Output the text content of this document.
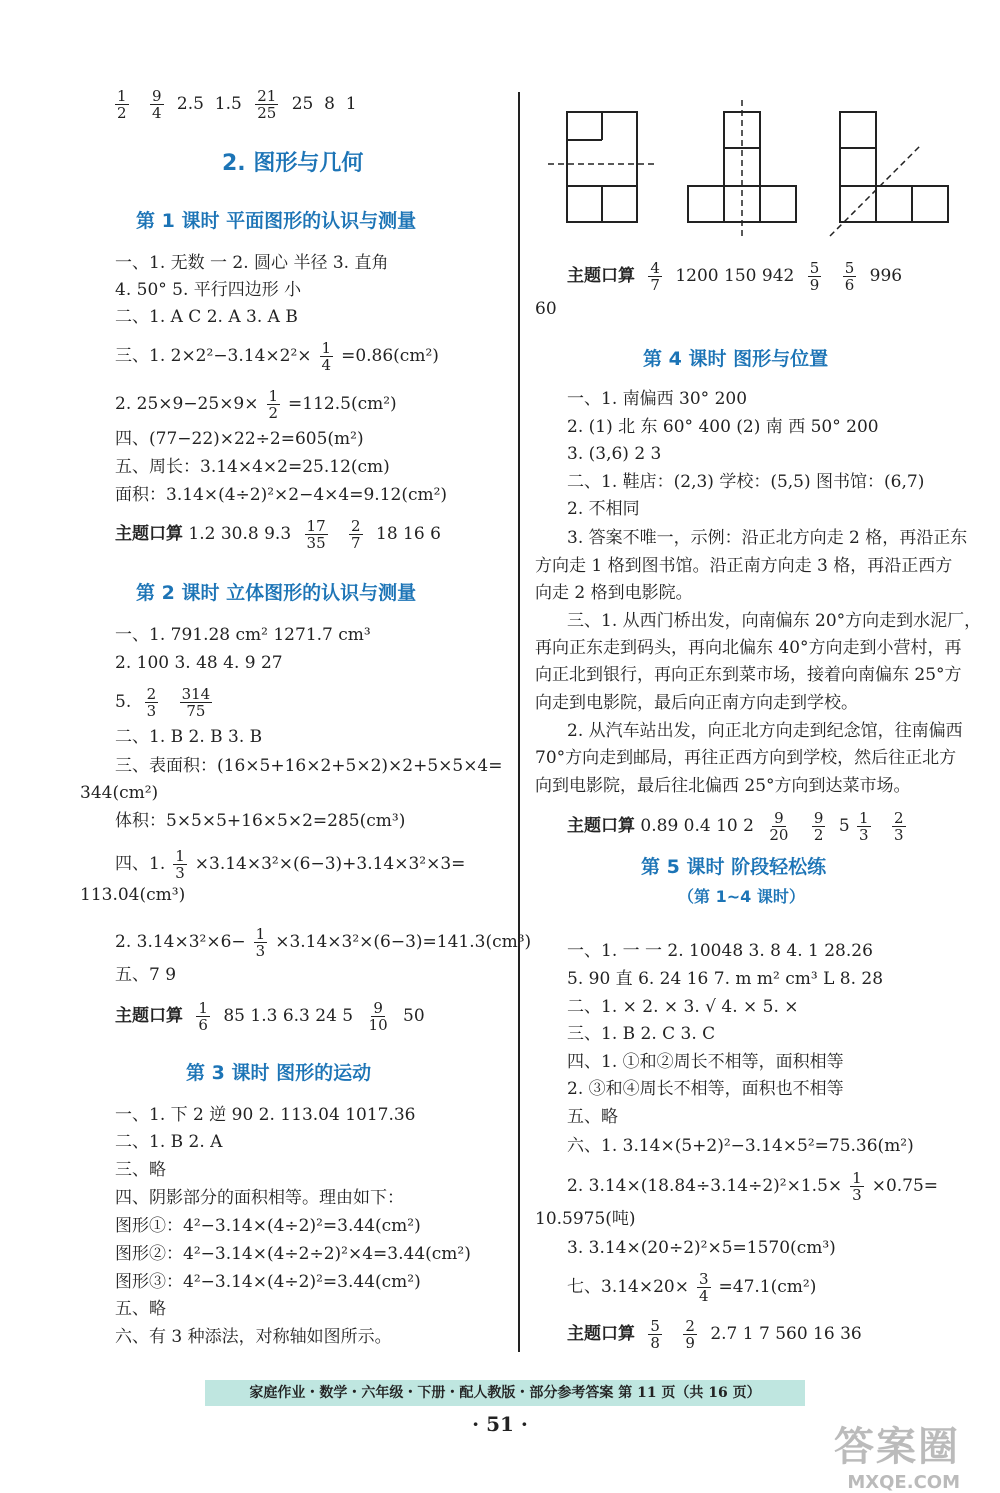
$\frac{1}{2}$
$\frac{9}{4} 2.5$  $1.5 \frac{21}{25} 25$  8  1
2. 图形与几何
第 1 课时 平面图形的认识与测量
一、1. 无数 一 2. 圆心 半径 3. 直角
4. 50° 5. 平行四边形 小
二、1. A C 2. A 3. A B
三、1. $2\times 2^2-3.14\times 2^2\times \frac{1}{4} =0.86(cm^2)$
2. $25\times 9-25\times 9\times \frac{1}{2} =112.5(cm^2)$
四、(77−22)×22÷2=605(m²)
五、周长：3.14×4×2=25.12(cm)
面积：3.14×(4÷2)²×2−4×4=9.12(cm²)
主题口算 1.2 30.8 $9.3 \frac{17}{35}$
$\frac{2}{7} 18$ 16 6
第 2 课时 立体图形的认识与测量
一、1. 791.28 cm² 1271.7 cm³
2. 100 3. 48 4. 9 27
5. $\frac{2}{3}$
$\frac{314}{75}$
二、1. B 2. B 3. B
三、表面积：(16×5+16×2+5×2)×2+5×5×4=
344(cm²)
体积：5×5×5+16×5×2=285(cm³)
四、1. $\frac{1}{3} \times 3.14\times 3^2\times(6-3)+3.14\times 3^2\times 3=$
113.04(cm³)
2. $3.14\times 3^2\times 6- \frac{1}{3} \times 3.14\times 3^2\times(6-3)=141.3(cm^3)$
五、7 9
主题口算 $\frac{1}{6} 85$ 1.3 6.3 24 $5 \frac{9}{10} 50$
第 3 课时 图形的运动
一、1. 下 2 逆 90 2. 113.04 1017.36
二、1. B 2. A
三、略
四、阴影部分的面积相等。理由如下：
图形①：4²−3.14×(4÷2)²=3.44(cm²)
图形②：4²−3.14×(4÷2÷2)²×4=3.44(cm²)
图形③：4²−3.14×(4÷2)²=3.44(cm²)
五、略
六、有 3 种添法，对称轴如图所示。
主题口算 $\frac{4}{7} 1200$ 150 $942 \frac{5}{9}$
$\frac{5}{6} 996$
60
第 4 课时 图形与位置
一、1. 南偏西 30° 200
2. (1) 北 东 60° 400 (2) 南 西 50° 200
3. (3,6) 2 3
二、1. 鞋店：(2,3) 学校：(5,5) 图书馆：(6,7)
2. 不相同
3. 答案不唯一，示例：沿正北方向走 2 格，再沿正东
方向走 1 格到图书馆。沿正南方向走 3 格，再沿正西方
向走 2 格到电影院。
三、1. 从西门桥出发，向南偏东 20°方向走到水泥厂，
再向正东走到码头，再向北偏东 40°方向走到小营村，再
向正北到银行，再向正东到菜市场，接着向南偏东 25°方
向走到电影院，最后向正南方向走到学校。
2. 从汽车站出发，向正北方向走到纪念馆，往南偏西
70°方向走到邮局，再往正西方向到学校，然后往正北方
向到电影院，最后往北偏西 25°方向到达菜市场。
主题口算 0.89 0.4 10 $2 \frac{9}{20}$
$\frac{9}{2} 5 \frac{1}{3}$
$\frac{2}{3}$
第 5 课时 阶段轻松练
（第 1~4 课时）
一、1. 一 一 2. 10048 3. 8 4. 1 28.26
5. 90 直 6. 24 16 7. m m² cm³ L 8. 28
二、1. × 2. × 3. √ 4. × 5. ×
三、1. B 2. C 3. C
四、1. ①和②周长不相等，面积相等
2. ③和④周长不相等，面积也不相等
五、略
六、1. 3.14×(5+2)²−3.14×5²=75.36(m²)
2. $3.14\times(18.84\div 3.14\div 2)^2\times 1.5\times \frac{1}{3} \times 0.75=$
10.5975(吨)
3. 3.14×(20÷2)²×5=1570(cm³)
七、$3.14\times 20\times \frac{3}{4} =47.1(cm^2)$
主题口算 $\frac{5}{8}$
$\frac{2}{9} 2.7$ 1 7 560 16 36
家庭作业・数学・六年级・下册・配人教版・部分参考答案 第 11 页（共 16 页）
· 51 ·	答案圈
MXQE.COM
